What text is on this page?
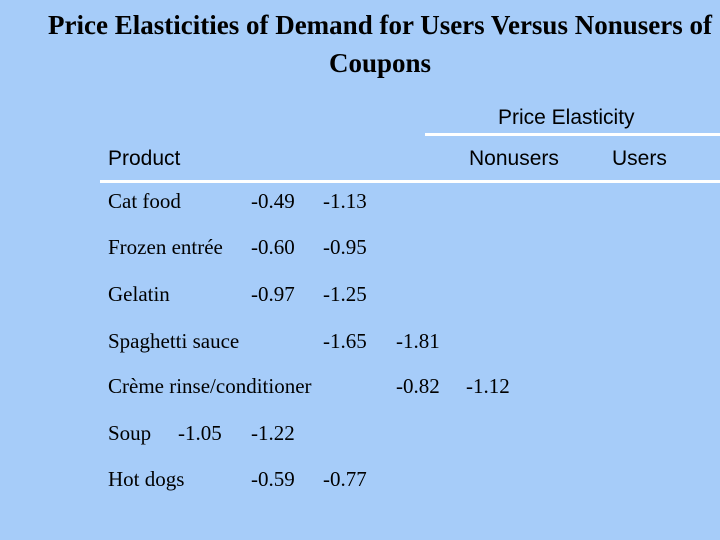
Price Elasticities of Demand for Users Versus Nonusers of Coupons
Price Elasticity
Product	Nonusers	Users
Cat food	-0.49 -1.13
Frozen entrée -0.60 -0.95
Gelatin	-0.97 -1.25
Spaghetti sauce	-1.65 -1.81
Crème rinse/conditioner	-0.82 -1.12
Soup -1.05 -1.22
Hot dogs	-0.59 -0.77
